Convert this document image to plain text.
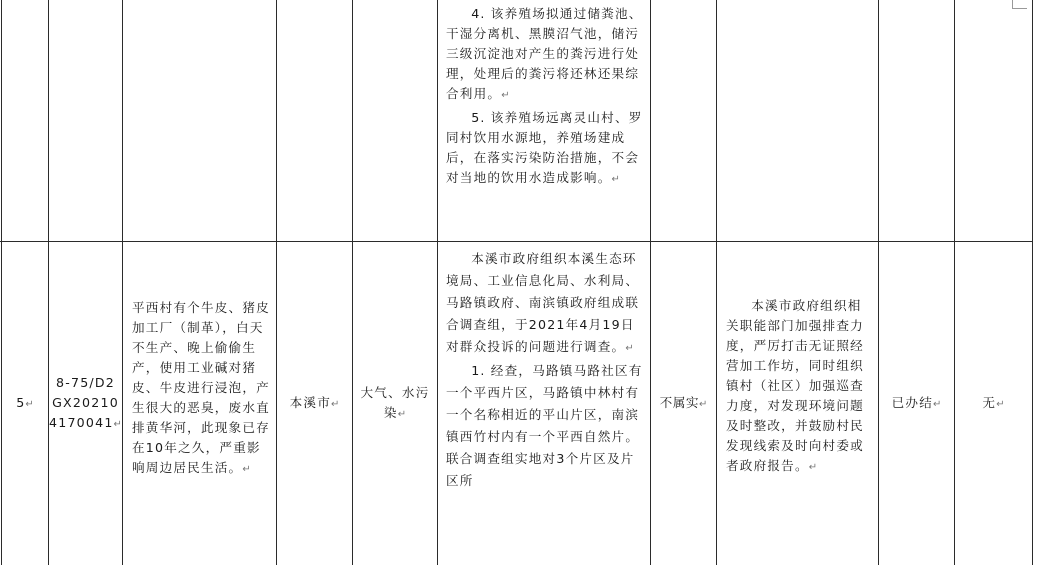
4. 该养殖场拟通过储粪池、干湿分离机、黑膜沼气池，储污三级沉淀池对产生的粪污进行处理，处理后的粪污将还林还果综合利用。↵

5. 该养殖场远离灵山村、罗同村饮用水源地，养殖场建成后，在落实污染防治措施，不会对当地的饮用水造成影响。↵

5↵
8-75/D2
GX20210
4170041↵
平西村有个牛皮、猪皮加工厂（制革），白天不生产、晚上偷偷生产，使用工业碱对猪皮、牛皮进行浸泡，产生很大的恶臭，废水直排黄华河，此现象已存在10年之久，严重影响周边居民生活。↵
本溪市↵
大气、水污染↵

本溪市政府组织本溪生态环境局、工业信息化局、水利局、马路镇政府、南滨镇政府组成联合调查组，于2021年4月19日对群众投诉的问题进行调查。↵

1. 经查，马路镇马路社区有一个平西片区，马路镇中林村有一个名称相近的平山片区，南滨镇西竹村内有一个平西自然片。联合调查组实地对3个片区及片区所

不属实↵

本溪市政府组织相关职能部门加强排查力度，严厉打击无证照经营加工作坊，同时组织镇村（社区）加强巡查力度，对发现环境问题及时整改，并鼓励村民发现线索及时向村委或者政府报告。↵

已办结↵	无↵
